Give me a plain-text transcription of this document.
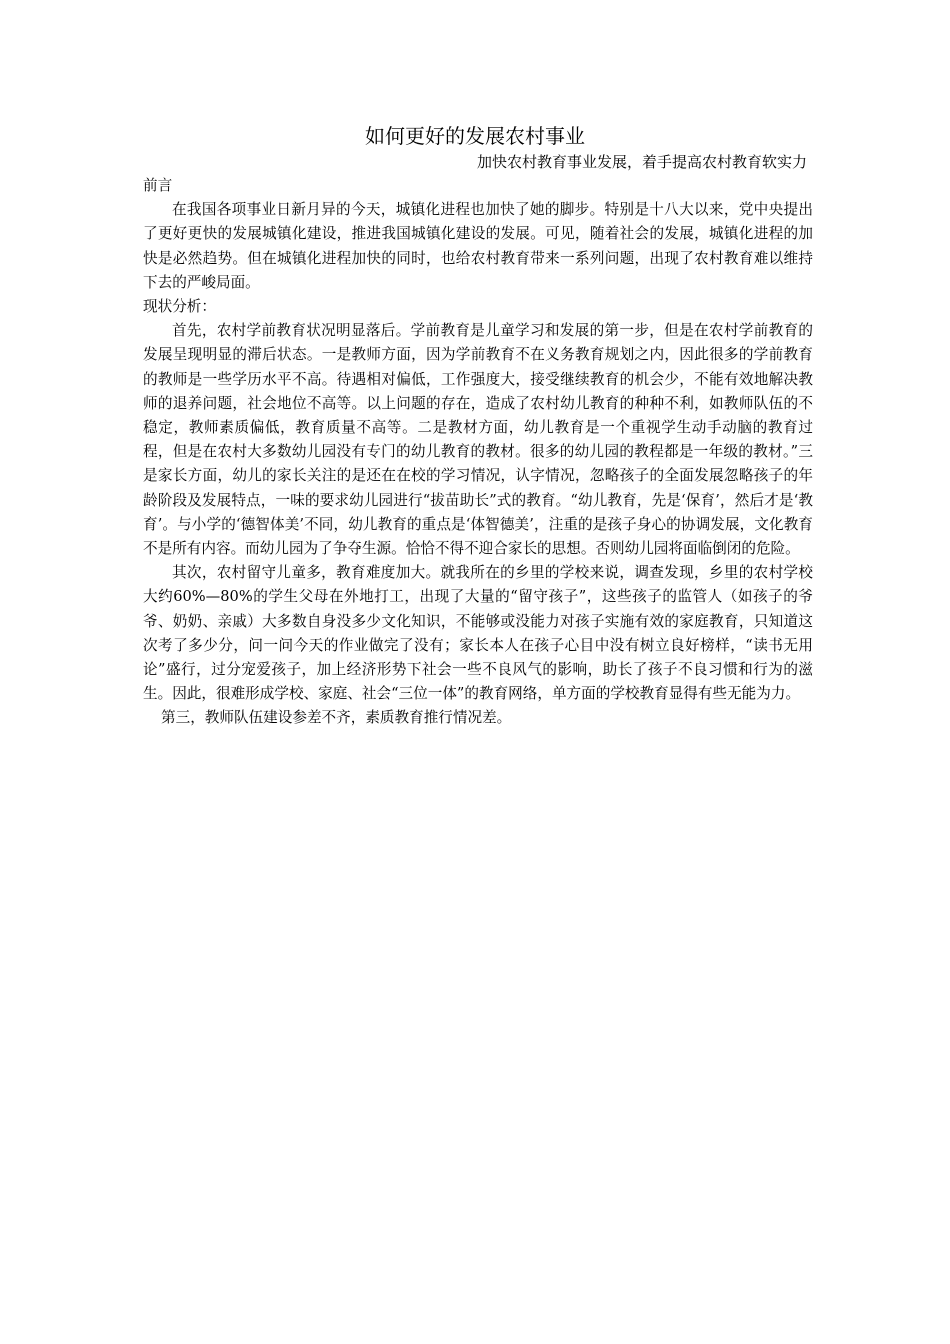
如何更好的发展农村事业
加快农村教育事业发展，着手提高农村教育软实力

前言

在我国各项事业日新月异的今天，城镇化进程也加快了她的脚步。特别是十八大以来，党中央提出了更好更快的发展城镇化建设，推进我国城镇化建设的发展。可见，随着社会的发展，城镇化进程的加快是必然趋势。但在城镇化进程加快的同时，也给农村教育带来一系列问题，出现了农村教育难以维持下去的严峻局面。

现状分析：

首先，农村学前教育状况明显落后。学前教育是儿童学习和发展的第一步，但是在农村学前教育的发展呈现明显的滞后状态。一是教师方面，因为学前教育不在义务教育规划之内，因此很多的学前教育的教师是一些学历水平不高。待遇相对偏低，工作强度大，接受继续教育的机会少，不能有效地解决教师的退养问题，社会地位不高等。以上问题的存在，造成了农村幼儿教育的种种不利，如教师队伍的不稳定，教师素质偏低，教育质量不高等。二是教材方面，幼儿教育是一个重视学生动手动脑的教育过程，但是在农村大多数幼儿园没有专门的幼儿教育的教材。很多的幼儿园的教程都是一年级的教材。”三是家长方面，幼儿的家长关注的是还在在校的学习情况，认字情况，忽略孩子的全面发展忽略孩子的年龄阶段及发展特点，一味的要求幼儿园进行“拔苗助长”式的教育。“幼儿教育，先是‘保育’，然后才是‘教育’。与小学的‘德智体美’不同，幼儿教育的重点是‘体智德美’，注重的是孩子身心的协调发展，文化教育不是所有内容。而幼儿园为了争夺生源。恰恰不得不迎合家长的思想。否则幼儿园将面临倒闭的危险。

其次，农村留守儿童多，教育难度加大。就我所在的乡里的学校来说，调查发现，乡里的农村学校大约60%—80%的学生父母在外地打工，出现了大量的“留守孩子”，这些孩子的监管人（如孩子的爷爷、奶奶、亲戚）大多数自身没多少文化知识，不能够或没能力对孩子实施有效的家庭教育，只知道这次考了多少分，问一问今天的作业做完了没有；家长本人在孩子心目中没有树立良好榜样，“读书无用论”盛行，过分宠爱孩子，加上经济形势下社会一些不良风气的影响，助长了孩子不良习惯和行为的滋生。因此，很难形成学校、家庭、社会“三位一体”的教育网络，单方面的学校教育显得有些无能为力。

第三，教师队伍建设参差不齐，素质教育推行情况差。
